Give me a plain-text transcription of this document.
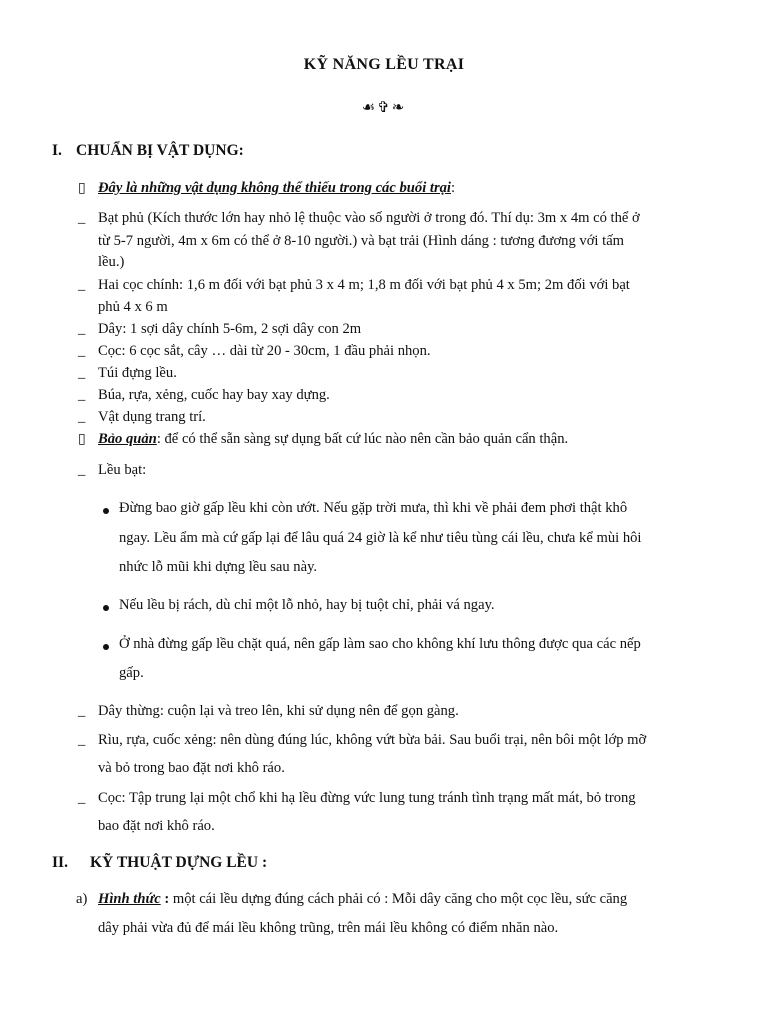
KỸ NĂNG LỀU TRẠI
☙✞❧
I. CHUẨN BỊ VẬT DỤNG:
▯ Đây là những vật dụng không thể thiếu trong các buổi trại:
_ Bạt phủ (Kích thước lớn hay nhỏ lệ thuộc vào số người ở trong đó. Thí dụ: 3m x 4m có thể ở
từ 5-7 người, 4m x 6m có thể ở 8-10 người.) và bạt trải (Hình dáng : tương đương với tấm
lều.)
_ Hai cọc chính: 1,6 m đối với bạt phủ 3 x 4 m; 1,8 m đối với bạt phủ 4 x 5m; 2m đối với bạt
phủ 4 x 6 m
_ Dây: 1 sợi dây chính 5-6m, 2 sợi dây con 2m
_ Cọc: 6 cọc sắt, cây … dài từ 20 - 30cm, 1 đầu phải nhọn.
_ Túi đựng lều.
_ Búa, rựa, xẻng, cuốc hay bay xay dựng.
_ Vật dụng trang trí.
▯ Bảo quản: để có thể sẵn sàng sự dụng bất cứ lúc nào nên cần bảo quản cẩn thận.
_ Lều bạt:
Đừng bao giờ gấp lều khi còn ướt. Nếu gặp trời mưa, thì khi về phải đem phơi thật khô
ngay. Lều ẩm mà cứ gấp lại để lâu quá 24 giờ là kể như tiêu tùng cái lều, chưa kể mùi hôi
nhức lỗ mũi khi dựng lều sau này.
Nếu lều bị rách, dù chỉ một lỗ nhỏ, hay bị tuột chỉ, phải vá ngay.
Ở nhà đừng gấp lều chặt quá, nên gấp làm sao cho không khí lưu thông được qua các nếp
gấp.
_ Dây thừng: cuộn lại và treo lên, khi sử dụng nên để gọn gàng.
_ Rìu, rựa, cuốc xẻng: nên dùng đúng lúc, không vứt bừa bải. Sau buổi trại, nên bôi một lớp mỡ
và bỏ trong bao đặt nơi khô ráo.
_ Cọc: Tập trung lại một chổ khi hạ lều đừng vức lung tung tránh tình trạng mất mát, bỏ trong
bao đặt nơi khô ráo.
II. KỸ THUẬT DỰNG LỀU :
a) Hình thức : một cái lều dựng đúng cách phải có : Mỗi dây căng cho một cọc lều, sức căng
dây phải vừa đủ để mái lều không trũng, trên mái lều không có điểm nhăn nào.
